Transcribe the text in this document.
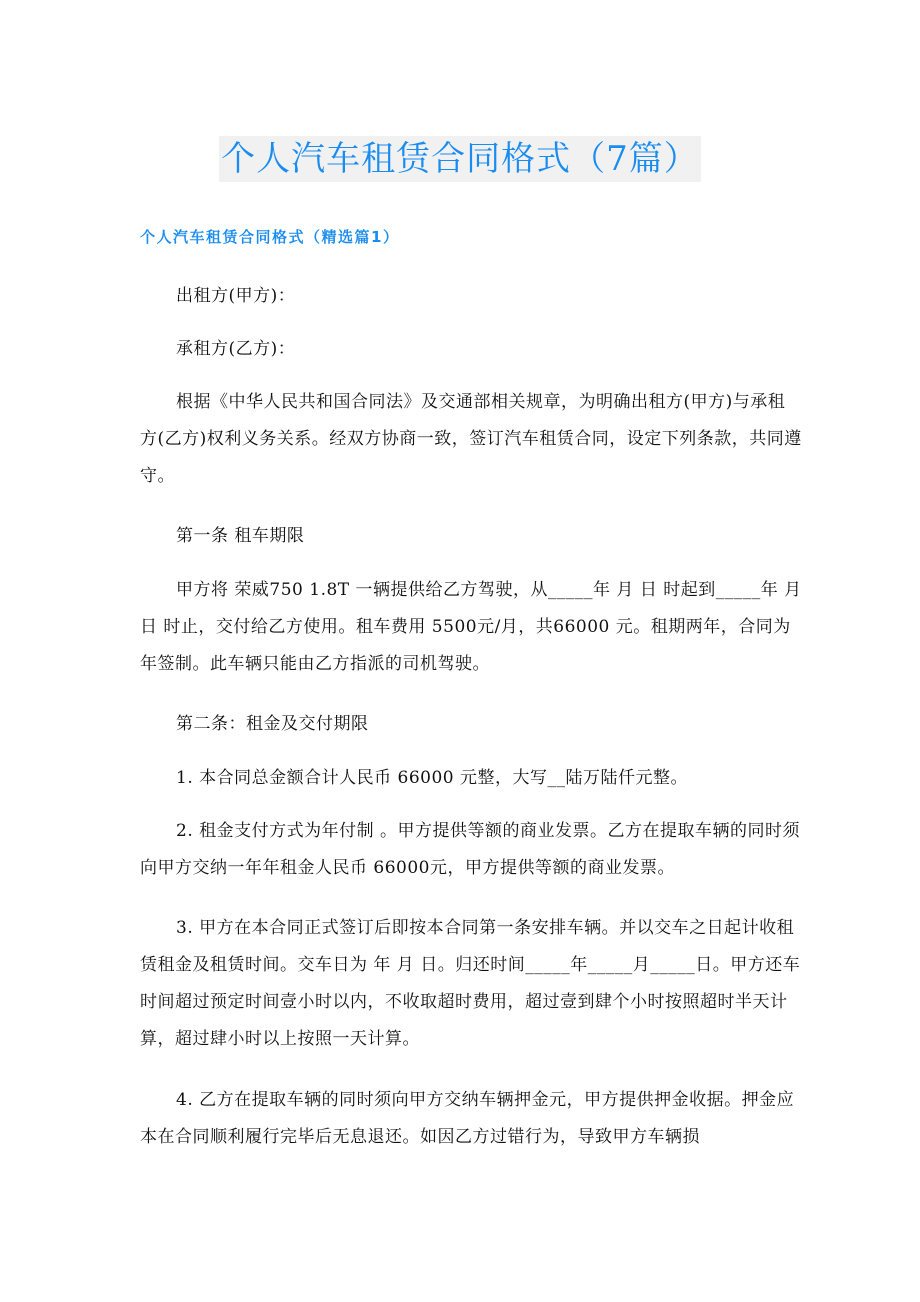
个人汽车租赁合同格式（7篇）
个人汽车租赁合同格式（精选篇1）

出租方(甲方)：

承租方(乙方)：

根据《中华人民共和国合同法》及交通部相关规章，为明确出租方(甲方)与承租方(乙方)权利义务关系。经双方协商一致，签订汽车租赁合同，设定下列条款，共同遵守。

第一条 租车期限

甲方将 荣威750 1.8T 一辆提供给乙方驾驶，从_____年 月 日 时起到_____年 月 日 时止，交付给乙方使用。租车费用 5500元/月，共66000 元。租期两年，合同为年签制。此车辆只能由乙方指派的司机驾驶。

第二条：租金及交付期限

1. 本合同总金额合计人民币 66000 元整，大写__陆万陆仟元整。

2. 租金支付方式为年付制 。甲方提供等额的商业发票。乙方在提取车辆的同时须向甲方交纳一年年租金人民币 66000元，甲方提供等额的商业发票。

3. 甲方在本合同正式签订后即按本合同第一条安排车辆。并以交车之日起计收租赁租金及租赁时间。交车日为 年 月 日。归还时间_____年_____月_____日。甲方还车时间超过预定时间壹小时以内，不收取超时费用，超过壹到肆个小时按照超时半天计算，超过肆小时以上按照一天计算。

4. 乙方在提取车辆的同时须向甲方交纳车辆押金元，甲方提供押金收据。押金应本在合同顺利履行完毕后无息退还。如因乙方过错行为，导致甲方车辆损
